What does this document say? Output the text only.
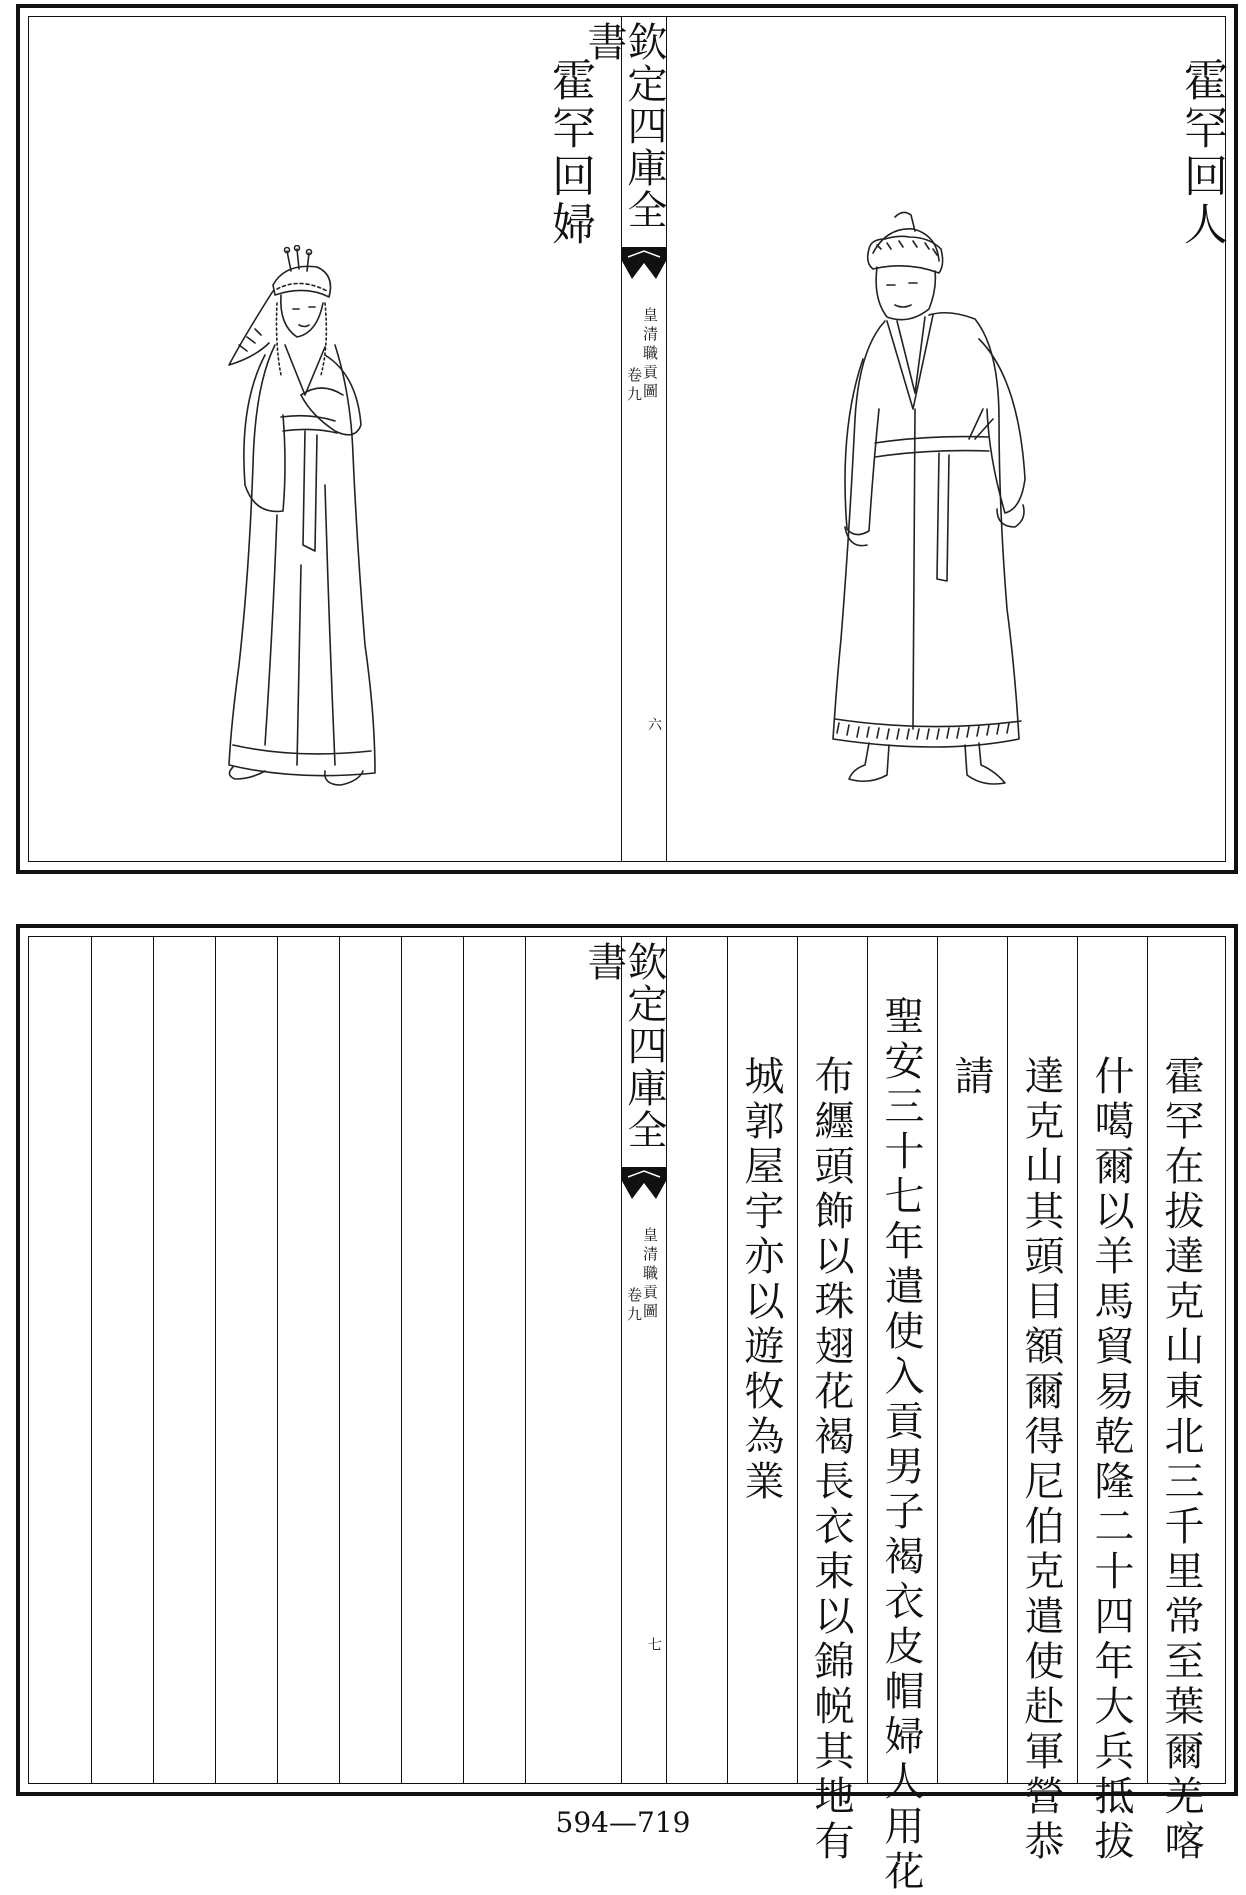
欽定四庫全書
皇清職貢圖
卷九
六
霍罕回婦	霍罕回人
欽定四庫全書
皇清職貢圖
卷九
七	霍罕在拔達克山東北三千里常至葉爾羌喀
什噶爾以羊馬貿易乾隆二十四年大兵抵拔
達克山其頭目額爾得尼伯克遣使赴軍營恭
請
聖安三十七年遣使入貢男子褐衣皮帽婦人用花
布纒頭飾以珠翅花褐長衣束以錦帨其地有
城郭屋宇亦以遊牧為業
594—719
